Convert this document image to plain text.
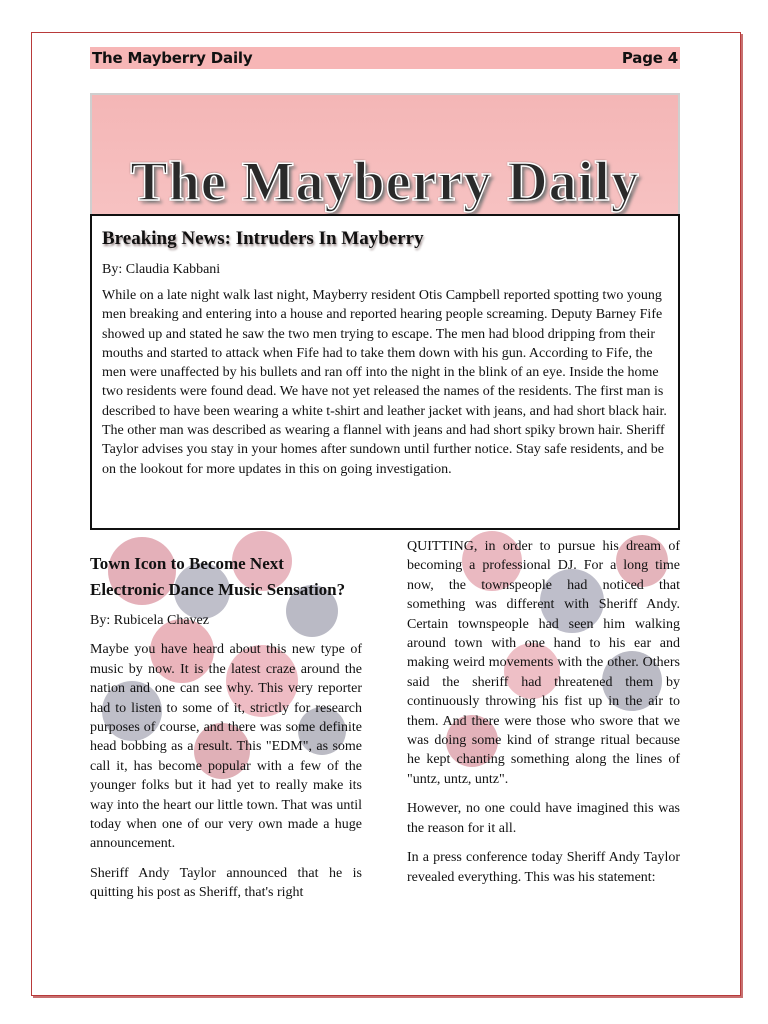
The Mayberry Daily	Page 4
The Mayberry Daily
Breaking News: Intruders In Mayberry

By: Claudia Kabbani

While on a late night walk last night, Mayberry resident Otis Campbell reported spotting two young men breaking and entering into a house and reported hearing people screaming. Deputy Barney Fife showed up and stated he saw the two men trying to escape. The men had blood dripping from their mouths and started to attack when Fife had to take them down with his gun. According to Fife, the men were unaffected by his bullets and ran off into the night in the blink of an eye. Inside the home two residents were found dead. We have not yet released the names of the residents. The first man is described to have been wearing a white t-shirt and leather jacket with jeans, and had short black hair. The other man was described as wearing a flannel with jeans and had short spiky brown hair. Sheriff Taylor advises you stay in your homes after sundown until further notice. Stay safe residents, and be on the lookout for more updates in this on going investigation.

Town Icon to Become Next Electronic Dance Music Sensation?

By: Rubicela Chavez

Maybe you have heard about this new type of music by now. It is the latest craze around the nation and one can see why. This very reporter had to listen to some of it, strictly for research purposes of course, and there was some definite head bobbing as a result. This "EDM", as some call it, has become popular with a few of the younger folks but it had yet to really make its way into the heart our little town. That was until today when one of our very own made a huge announcement.

Sheriff Andy Taylor announced that he is quitting his post as Sheriff, that's right

QUITTING, in order to pursue his dream of becoming a professional DJ. For a long time now, the townspeople had noticed that something was different with Sheriff Andy. Certain townspeople had seen him walking around town with one hand to his ear and making weird movements with the other. Others said the sheriff had threatened them by continuously throwing his fist up in the air to them. And there were those who swore that we was doing some kind of strange ritual because he kept chanting something along the lines of "untz, untz, untz".

However, no one could have imagined this was the reason for it all.

In a press conference today Sheriff Andy Taylor revealed everything. This was his statement:
